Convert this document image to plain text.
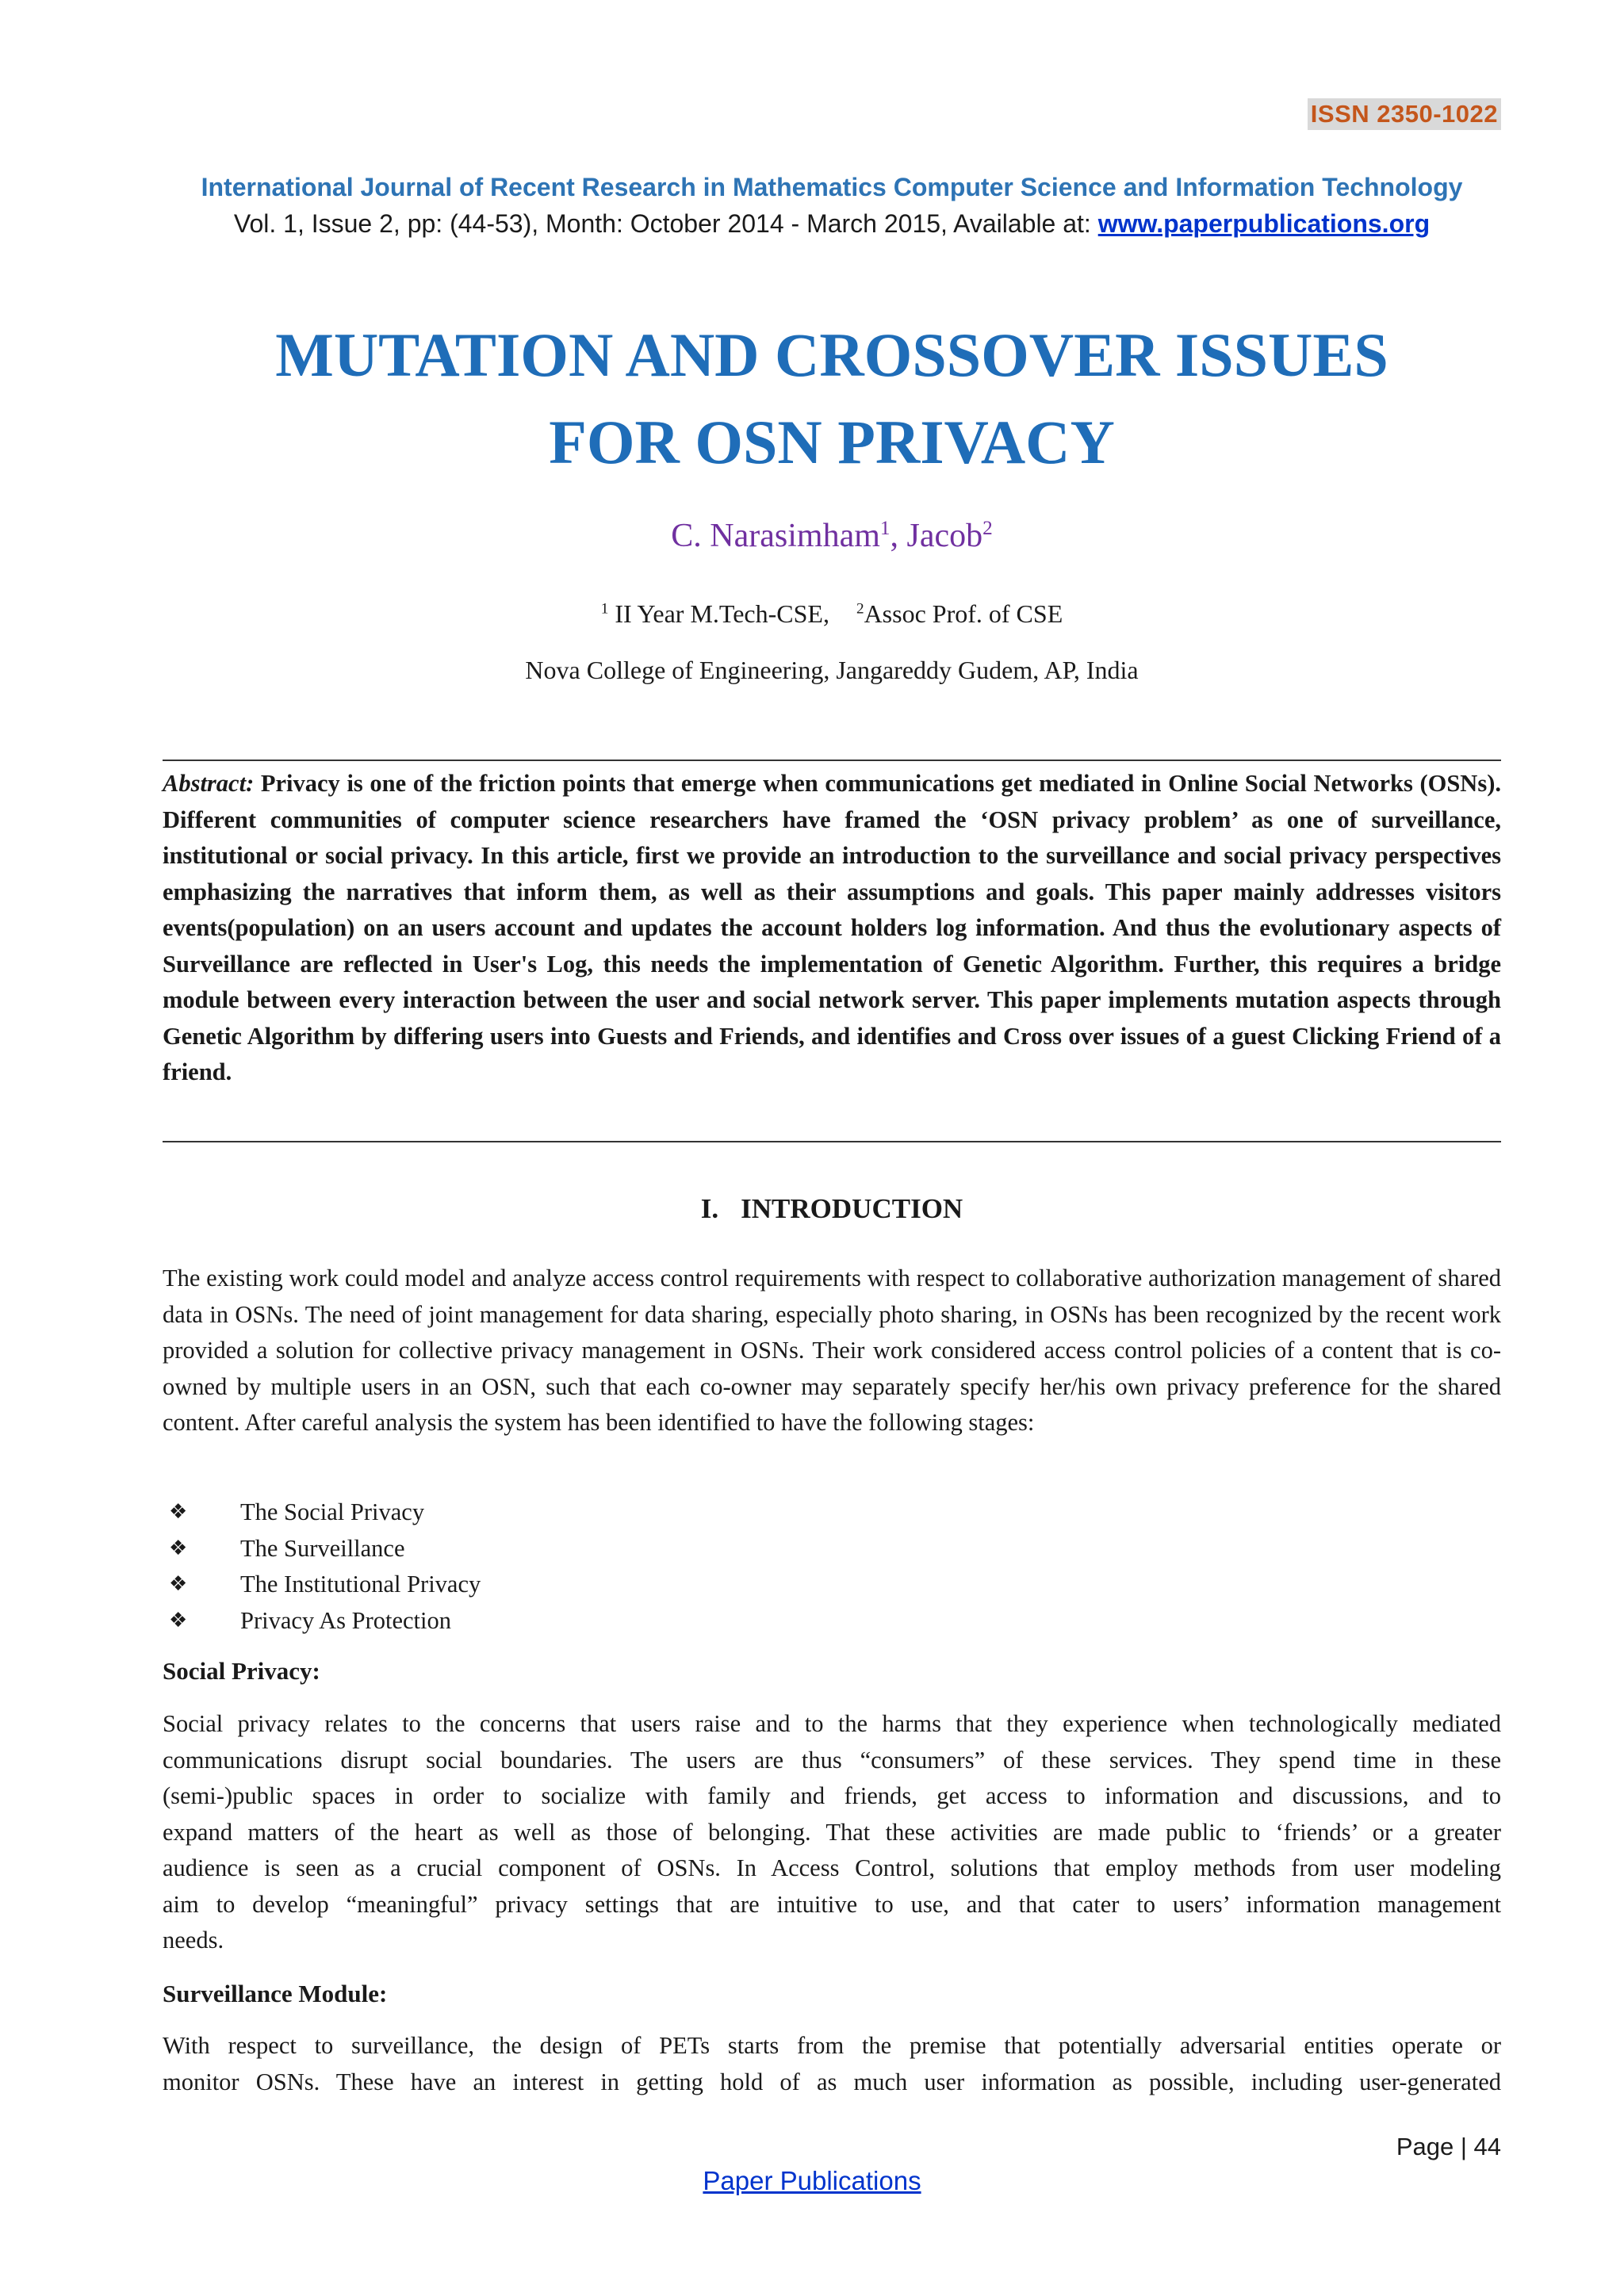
ISSN 2350-1022
International Journal of Recent Research in Mathematics Computer Science and Information Technology
Vol. 1, Issue 2, pp: (44-53), Month: October 2014 - March 2015, Available at: www.paperpublications.org
MUTATION AND CROSSOVER ISSUES
FOR OSN PRIVACY
C. Narasimham$^1$, Jacob$^2$
$^1$ II Year M.Tech-CSE, $^2$Assoc Prof. of CSE
Nova College of Engineering, Jangareddy Gudem, AP, India
Abstract: Privacy is one of the friction points that emerge when communications get mediated in Online Social Networks (OSNs). Different communities of computer science researchers have framed the ‘OSN privacy problem’ as one of surveillance, institutional or social privacy. In this article, first we provide an introduction to the surveillance and social privacy perspectives emphasizing the narratives that inform them, as well as their assumptions and goals. This paper mainly addresses visitors events(population) on an users account and updates the account holders log information. And thus the evolutionary aspects of Surveillance are reflected in User's Log, this needs the implementation of Genetic Algorithm. Further, this requires a bridge module between every interaction between the user and social network server. This paper implements mutation aspects through Genetic Algorithm by differing users into Guests and Friends, and identifies and Cross over issues of a guest Clicking Friend of a friend.
I. INTRODUCTION
The existing work could model and analyze access control requirements with respect to collaborative authorization management of shared data in OSNs. The need of joint management for data sharing, especially photo sharing, in OSNs has been recognized by the recent work provided a solution for collective privacy management in OSNs. Their work considered access control policies of a content that is co-owned by multiple users in an OSN, such that each co-owner may separately specify her/his own privacy preference for the shared content. After careful analysis the system has been identified to have the following stages:
❖ The Social Privacy
❖ The Surveillance
❖ The Institutional Privacy
❖ Privacy As Protection
Social Privacy:
Social privacy relates to the concerns that users raise and to the harms that they experience when technologically mediated
communications disrupt social boundaries. The users are thus “consumers” of these services. They spend time in these
(semi-)public spaces in order to socialize with family and friends, get access to information and discussions, and to
expand matters of the heart as well as those of belonging. That these activities are made public to ‘friends’ or a greater
audience is seen as a crucial component of OSNs. In Access Control, solutions that employ methods from user modeling
aim to develop “meaningful” privacy settings that are intuitive to use, and that cater to users’ information management
needs.
Surveillance Module:
With respect to surveillance, the design of PETs starts from the premise that potentially adversarial entities operate or
monitor OSNs. These have an interest in getting hold of as much user information as possible, including user-generated
Page | 44
Paper Publications
